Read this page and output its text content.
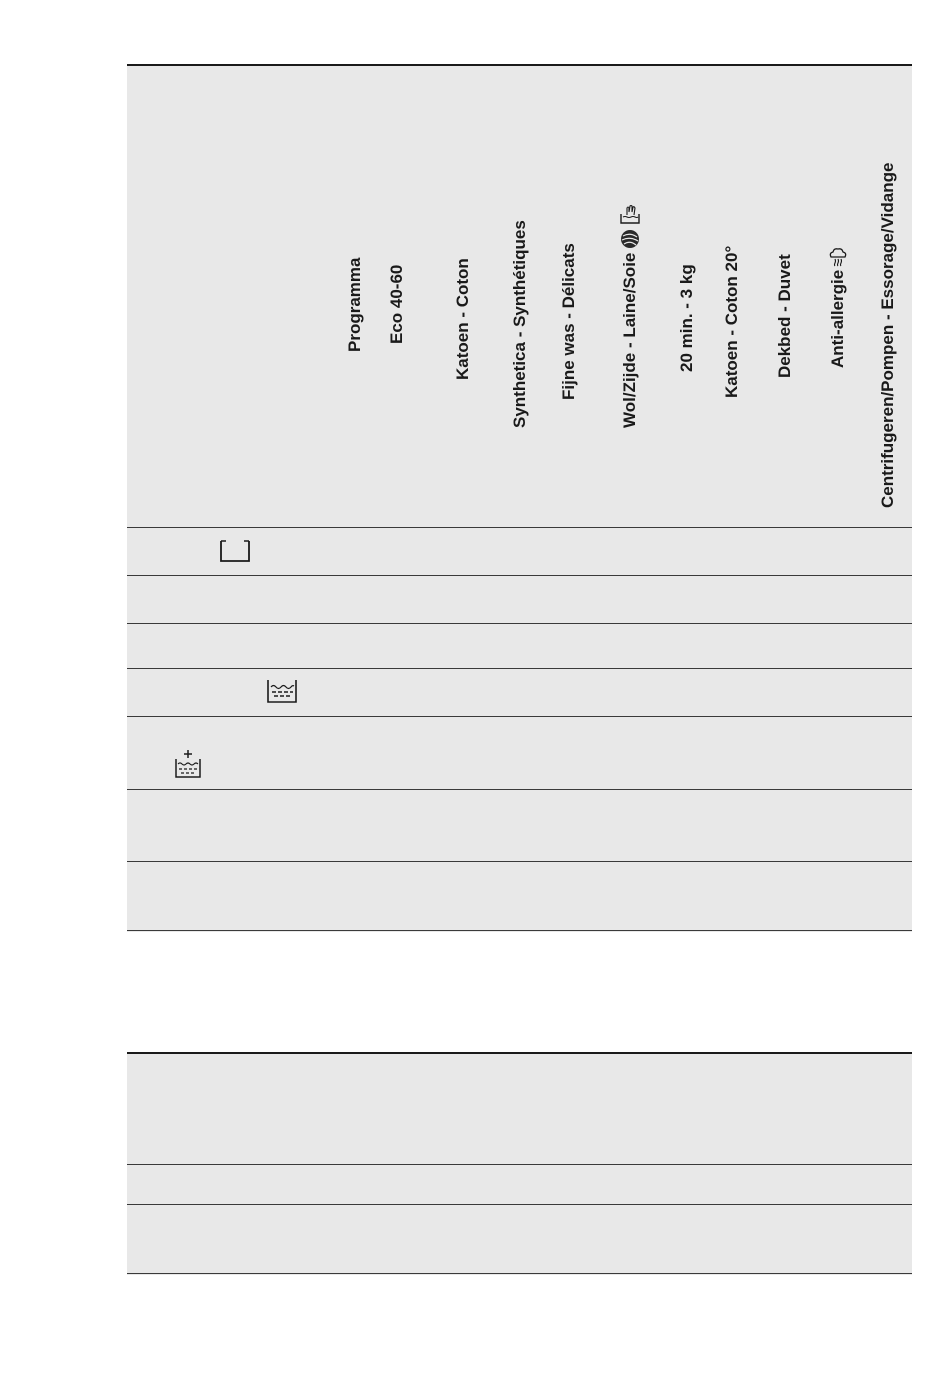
Programma Eco 40-60	Katoen - Coton Synthetica - Synthétiques Fijne was - Délicats Wol/Zijde - Laine/Soie 20 min. - 3 kg Katoen - Coton 20° Dekbed - Duvet Anti-allergie Centrifugeren/Pompen - Essorage/Vidange
